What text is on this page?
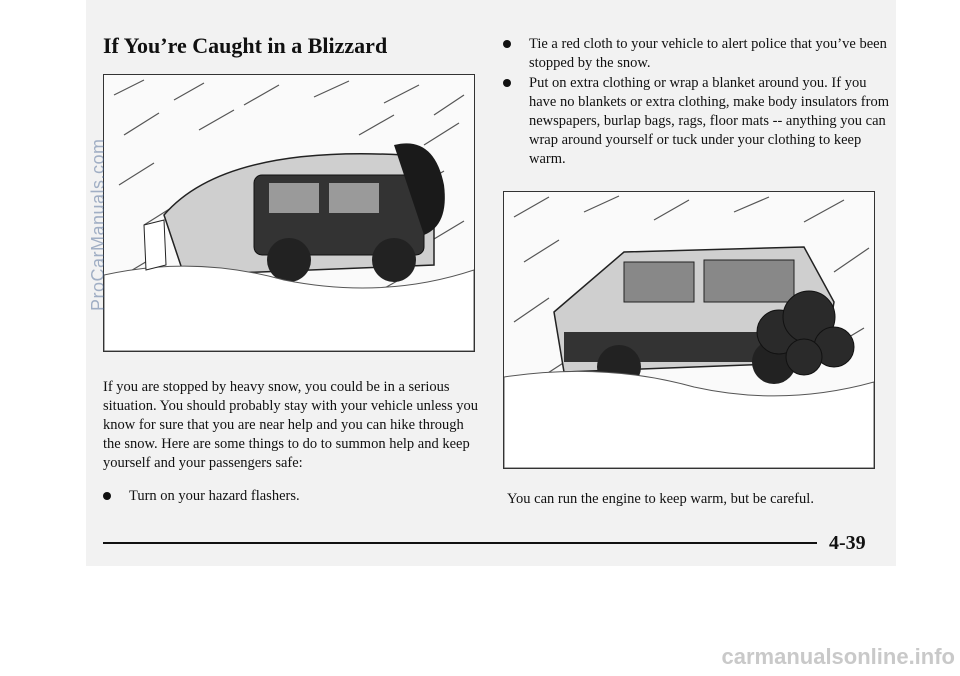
If You’re Caught in a Blizzard

If you are stopped by heavy snow, you could be in a serious situation. You should probably stay with your vehicle unless you know for sure that you are near help and you can hike through the snow. Here are some things to do to summon help and keep yourself and your passengers safe:

Turn on your hazard flashers.
Tie a red cloth to your vehicle to alert police that you’ve been stopped by the snow.
Put on extra clothing or wrap a blanket around you. If you have no blankets or extra clothing, make body insulators from newspapers, burlap bags, rags, floor mats -- anything you can wrap around yourself or tuck under your clothing to keep warm.

You can run the engine to keep warm, but be careful.

4-39
ProCarManuals.com
carmanualsonline.info
